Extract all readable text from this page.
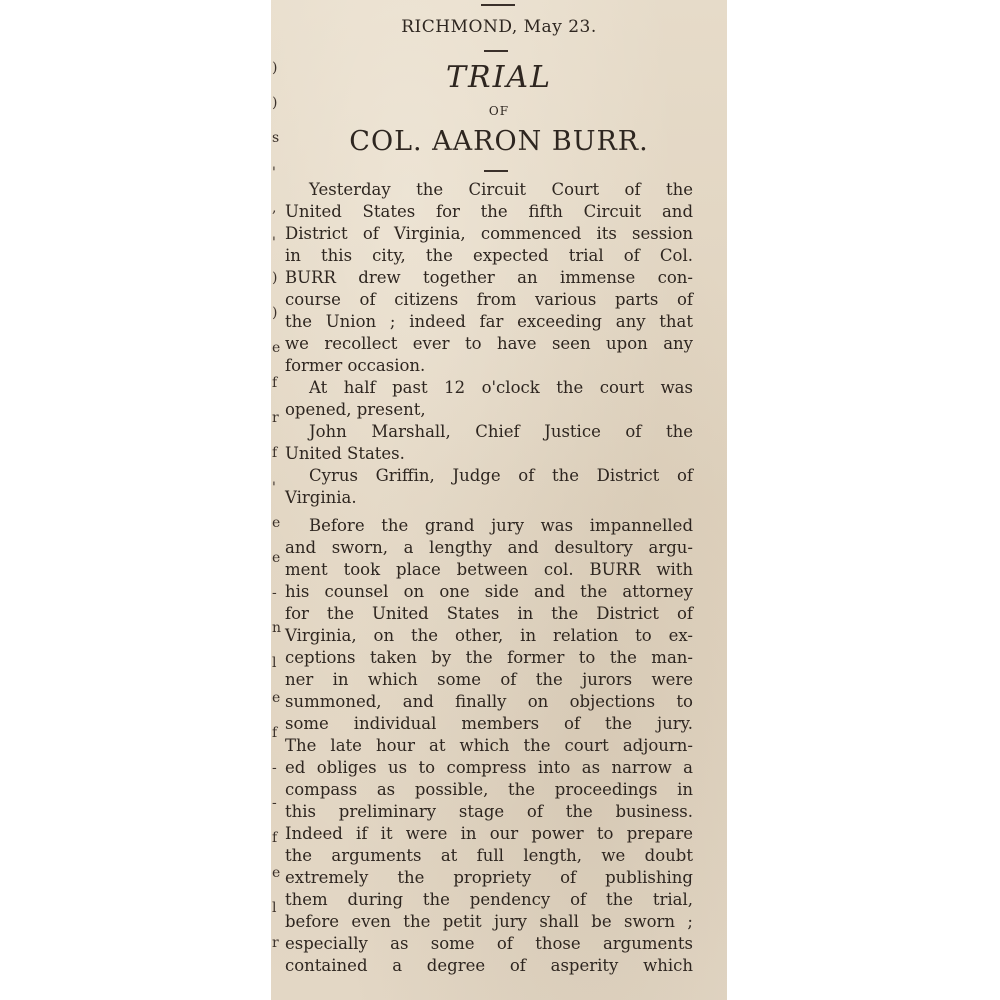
RICHMOND, May 23.
TRIAL
OF
COL. AARON BURR.
)
)
s
'
,
'
)
)
e
f
r
f
'
e
e
-
n
l
e
f
-
-
f
e
l
r
Yesterday the Circuit Court of the
United States for the fifth Circuit and
District of Virginia, commenced its session
in this city, the expected trial of Col.
BURR drew together an immense con-
course of citizens from various parts of
the Union ; indeed far exceeding any that
we recollect ever to have seen upon any
former occasion.
At half past 12 o'clock the court was
opened, present,
John Marshall, Chief Justice of the
United States.
Cyrus Griffin, Judge of the District of
Virginia.
Before the grand jury was impannelled
and sworn, a lengthy and desultory argu-
ment took place between col. BURR with
his counsel on one side and the attorney
for the United States in the District of
Virginia, on the other, in relation to ex-
ceptions taken by the former to the man-
ner in which some of the jurors were
summoned, and finally on objections to
some individual members of the jury.
The late hour at which the court adjourn-
ed obliges us to compress into as narrow a
compass as possible, the proceedings in
this preliminary stage of the business.
Indeed if it were in our power to prepare
the arguments at full length, we doubt
extremely the propriety of publishing
them during the pendency of the trial,
before even the petit jury shall be sworn ;
especially as some of those arguments
contained a degree of asperity which
